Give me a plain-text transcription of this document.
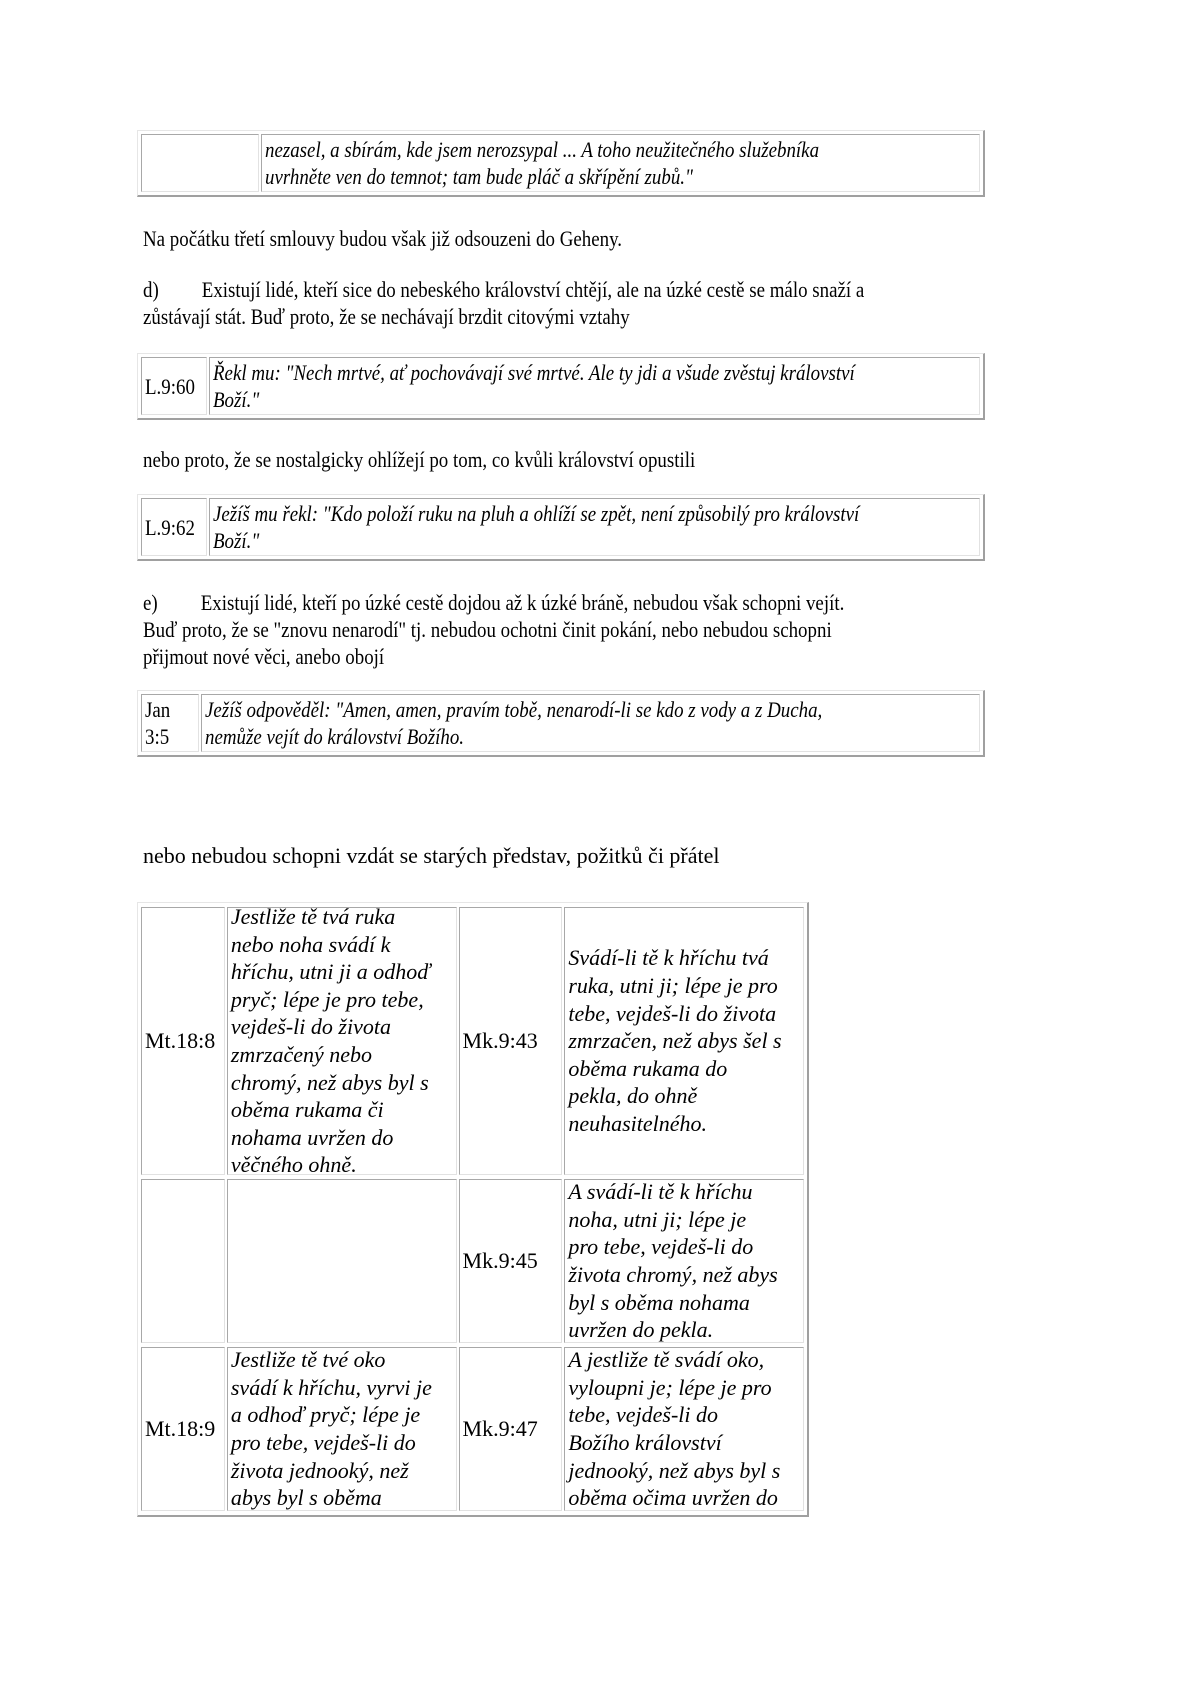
nezasel, a sbírám, kde jsem nerozsypal ... A toho neužitečného služebníka
uvrhněte ven do temnot; tam bude pláč a skřípění zubů."
Na počátku třetí smlouvy budou však již odsouzeni do Geheny.
d) Existují lidé, kteří sice do nebeského království chtějí, ale na úzké cestě se málo snaží a
zůstávají stát. Buď proto, že se nechávají brzdit citovými vztahy
L.9:60
Řekl mu: "Nech mrtvé, ať pochovávají své mrtvé. Ale ty jdi a všude zvěstuj království
Boží."
nebo proto, že se nostalgicky ohlížejí po tom, co kvůli království opustili
L.9:62
Ježíš mu řekl: "Kdo položí ruku na pluh a ohlíží se zpět, není způsobilý pro království
Boží."
e) Existují lidé, kteří po úzké cestě dojdou až k úzké bráně, nebudou však schopni vejít.
Buď proto, že se "znovu nenarodí" tj. nebudou ochotni činit pokání, nebo nebudou schopni
přijmout nové věci, anebo obojí
Jan
3:5
Ježíš odpověděl: "Amen, amen, pravím tobě, nenarodí-li se kdo z vody a z Ducha,
nemůže vejít do království Božího.
nebo nebudou schopni vzdát se starých představ, požitků či přátel
Mt.18:8
Jestliže tě tvá ruka
nebo noha svádí k
hříchu, utni ji a odhoď
pryč; lépe je pro tebe,
vejdeš-li do života
zmrzačený nebo
chromý, než abys byl s
oběma rukama či
nohama uvržen do
věčného ohně.
Mk.9:43
Svádí-li tě k hříchu tvá
ruka, utni ji; lépe je pro
tebe, vejdeš-li do života
zmrzačen, než abys šel s
oběma rukama do
pekla, do ohně
neuhasitelného.
Mk.9:45
A svádí-li tě k hříchu
noha, utni ji; lépe je
pro tebe, vejdeš-li do
života chromý, než abys
byl s oběma nohama
uvržen do pekla.
Mt.18:9
Jestliže tě tvé oko
svádí k hříchu, vyrvi je
a odhoď pryč; lépe je
pro tebe, vejdeš-li do
života jednooký, než
abys byl s oběma
Mk.9:47
A jestliže tě svádí oko,
vyloupni je; lépe je pro
tebe, vejdeš-li do
Božího království
jednooký, než abys byl s
oběma očima uvržen do
